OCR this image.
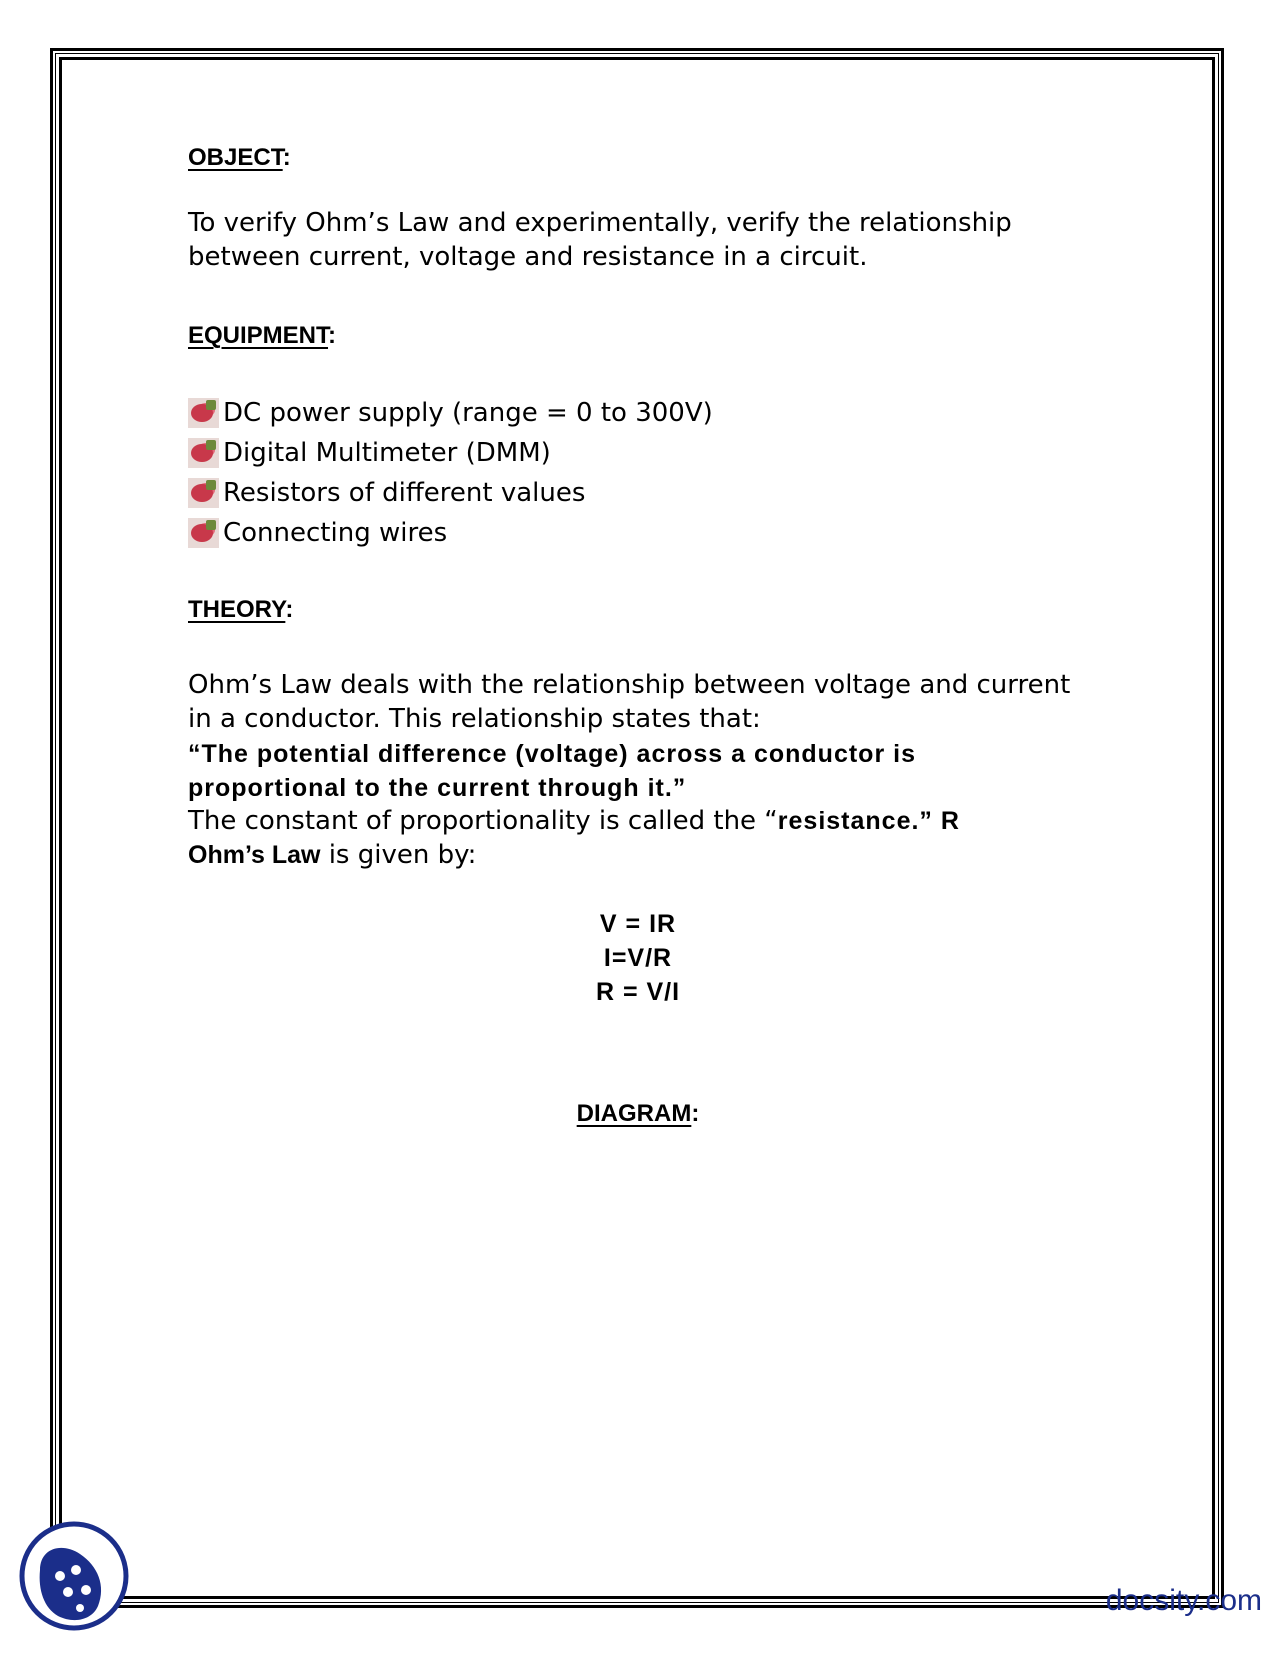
OBJECT:
To verify Ohm’s Law and experimentally, verify the relationship
between current, voltage and resistance in a circuit.
EQUIPMENT:
DC power supply (range = 0 to 300V)
Digital Multimeter (DMM)
Resistors of different values
Connecting wires
THEORY:
Ohm’s Law deals with the relationship between voltage and current
in a conductor. This relationship states that:
“The potential difference (voltage) across a conductor is
proportional to the current through it.”
The constant of proportionality is called the “resistance.” R
Ohm’s Law is given by:
V = IR
I=V/R
R = V/I
DIAGRAM:
docsity.com
